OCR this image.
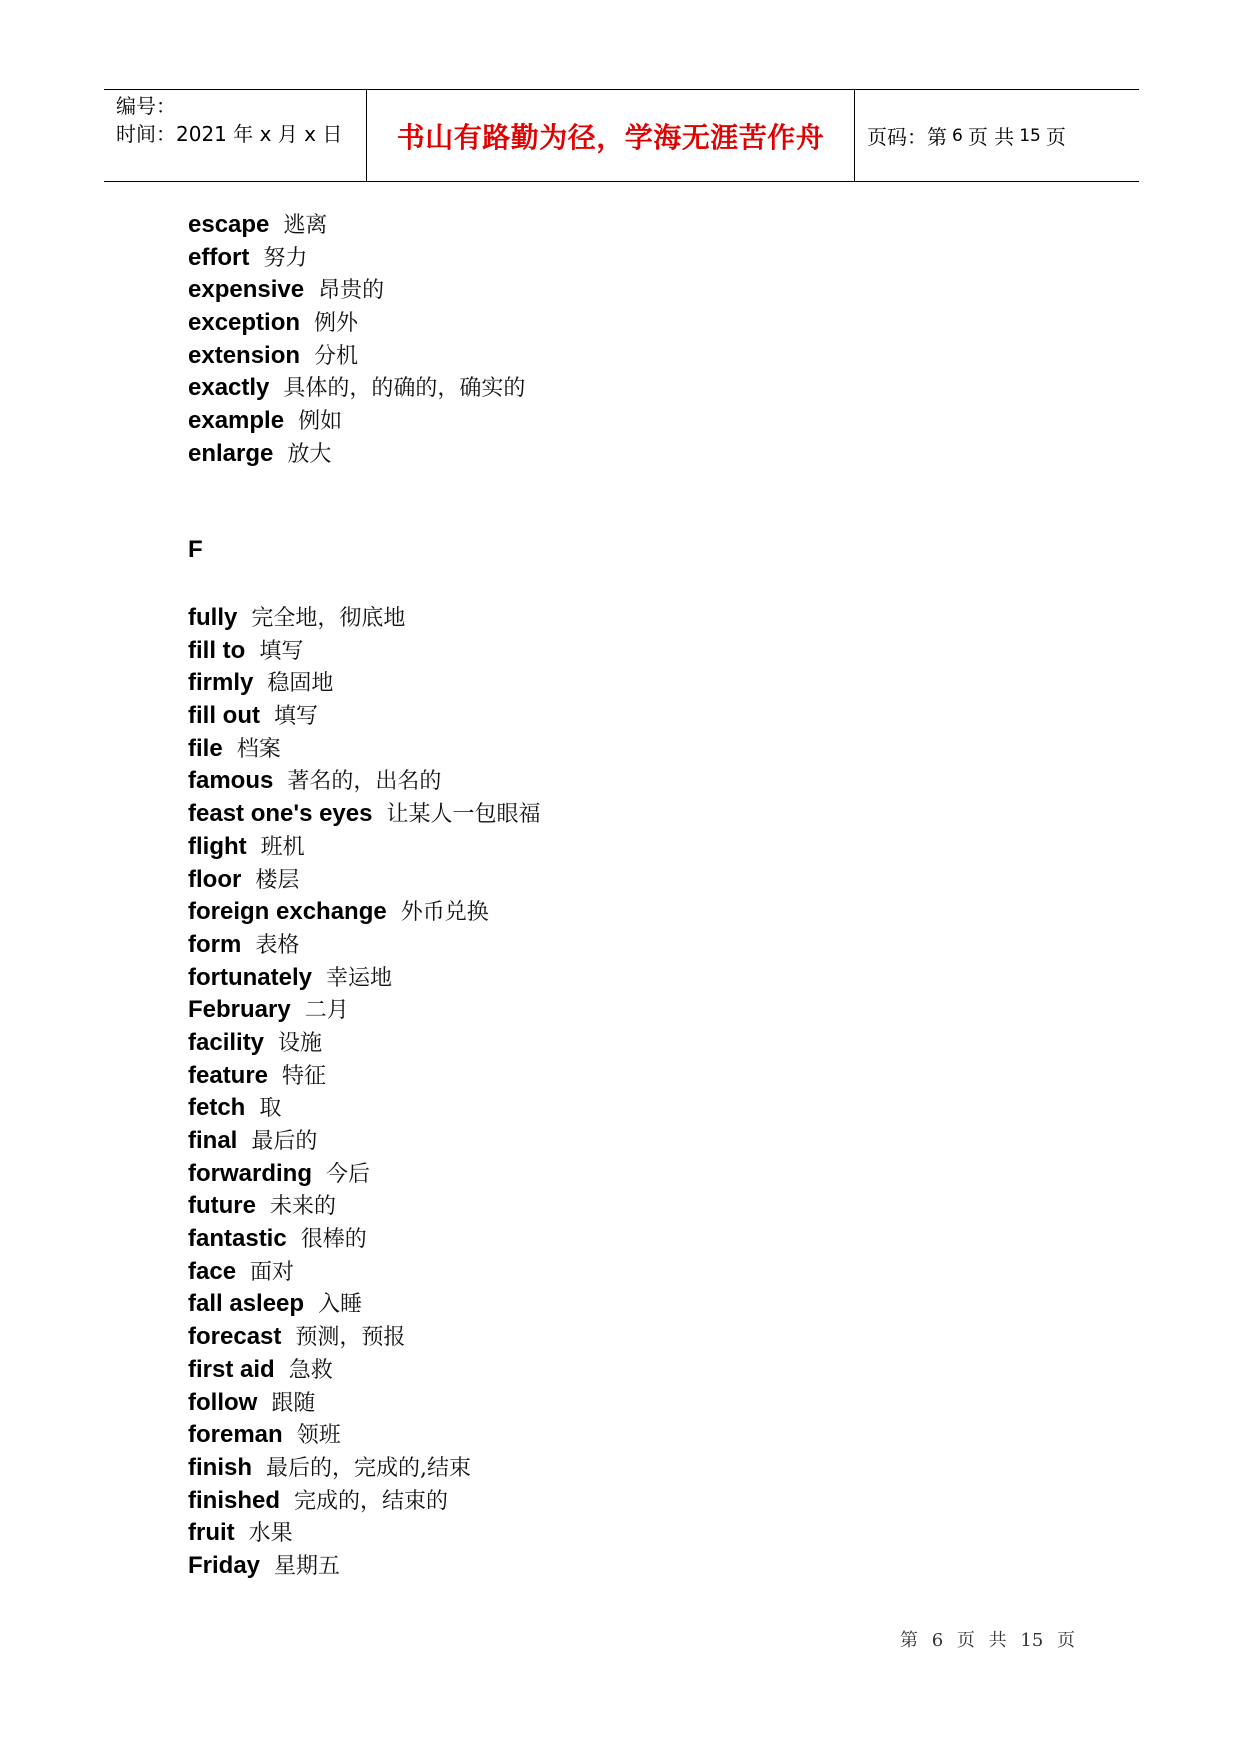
编号：
时间：2021 年 x 月 x 日	书山有路勤为径，学海无涯苦作舟 页码：第 6 页 共 15 页
escape 逃离
effort 努力
expensive 昂贵的
exception 例外
extension 分机
exactly 具体的，的确的，确实的
example 例如
enlarge 放大
F
fully 完全地，彻底地
fill to 填写
firmly 稳固地
fill out 填写
file 档案
famous 著名的，出名的
feast one's eyes 让某人一包眼福
flight 班机
floor 楼层
foreign exchange 外币兑换
form 表格
fortunately 幸运地
February 二月
facility 设施
feature 特征
fetch 取
final 最后的
forwarding 今后
future 未来的
fantastic 很棒的
face 面对
fall asleep 入睡
forecast 预测，预报
first aid 急救
follow 跟随
foreman 领班
finish 最后的，完成的,结束
finished 完成的，结束的
fruit 水果
Friday 星期五
第 6 页 共 15 页
